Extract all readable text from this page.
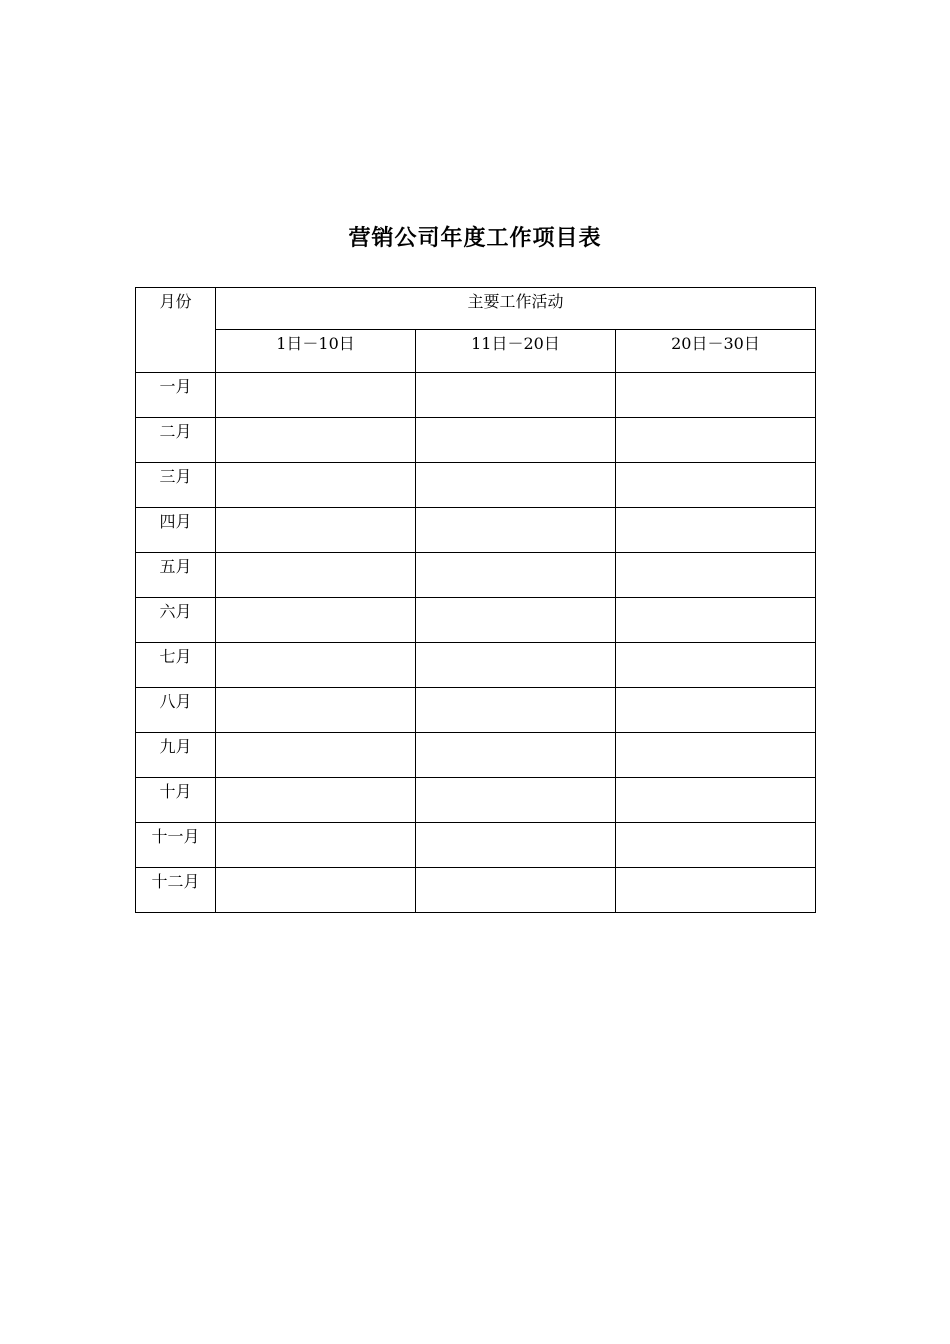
营销公司年度工作项目表
月份	主要工作活动		

	1日－10日	11日－20日	20日－30日

一月			

二月			

三月			

四月			

五月			

六月			

七月			

八月			

九月			

十月			

十一月			

十二月			
